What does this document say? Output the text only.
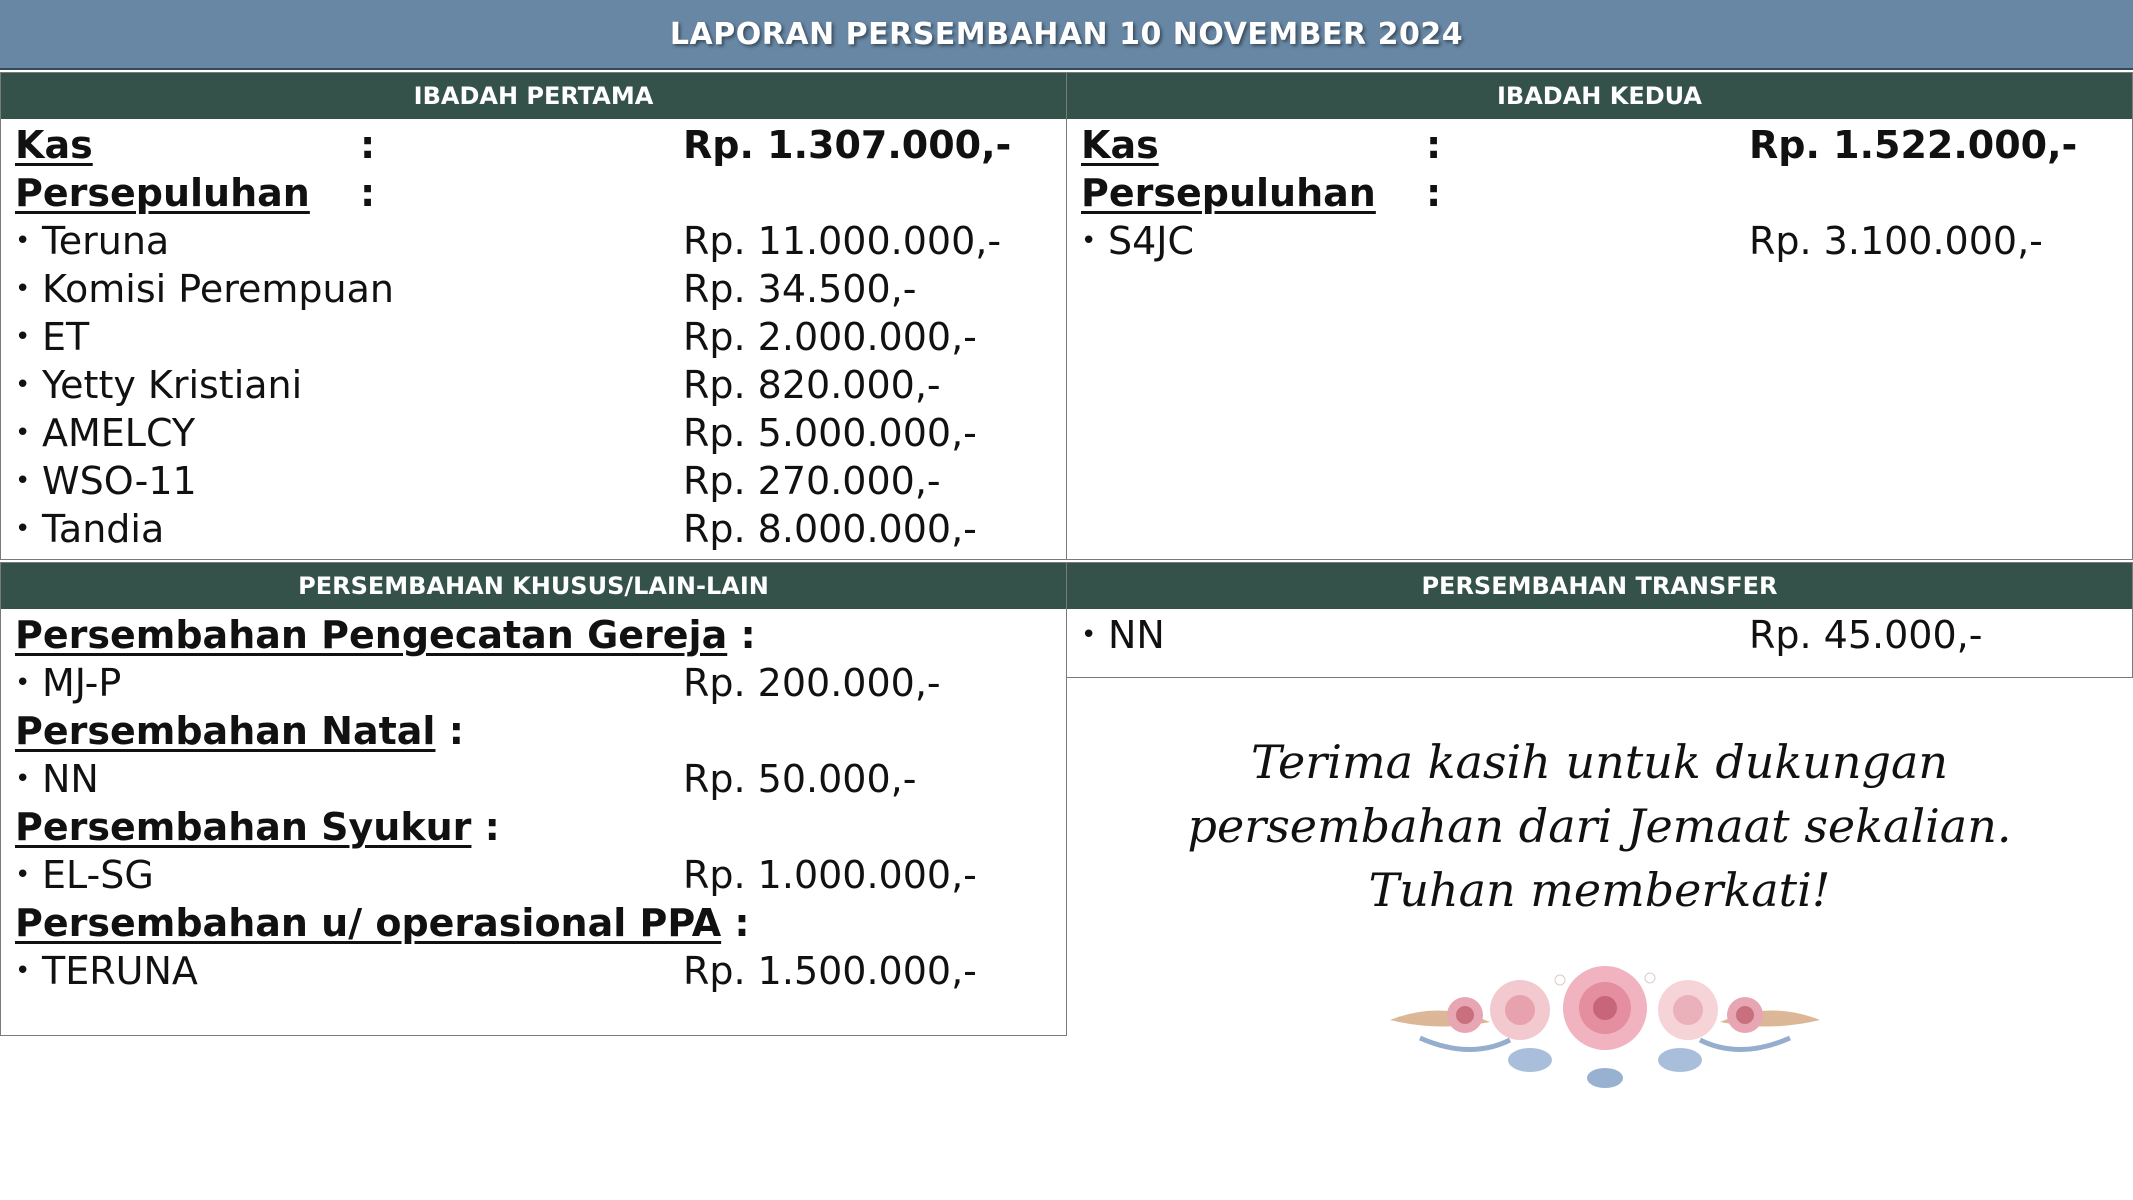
LAPORAN PERSEMBAHAN 10 NOVEMBER 2024
IBADAH PERTAMA
Kas	:	Rp. 1.307.000,-
Persepuluhan :
• Teruna	Rp. 11.000.000,-
• Komisi Perempuan	Rp. 34.500,-
• ET	Rp. 2.000.000,-
• Yetty Kristiani	Rp. 820.000,-
• AMELCY	Rp. 5.000.000,-
• WSO-11	Rp. 270.000,-
• Tandia	Rp. 8.000.000,-
IBADAH KEDUA
Kas	:	Rp. 1.522.000,-
Persepuluhan :
• S4JC	Rp. 3.100.000,-
PERSEMBAHAN KHUSUS/LAIN-LAIN
Persembahan Pengecatan Gereja :
• MJ-P	Rp. 200.000,-
Persembahan Natal :
• NN	Rp. 50.000,-
Persembahan Syukur :
• EL-SG	Rp. 1.000.000,-
Persembahan u/ operasional PPA :
• TERUNA	Rp. 1.500.000,-
PERSEMBAHAN TRANSFER
• NN	Rp. 45.000,-
Terima kasih untuk dukungan
persembahan dari Jemaat sekalian.
Tuhan memberkati!
